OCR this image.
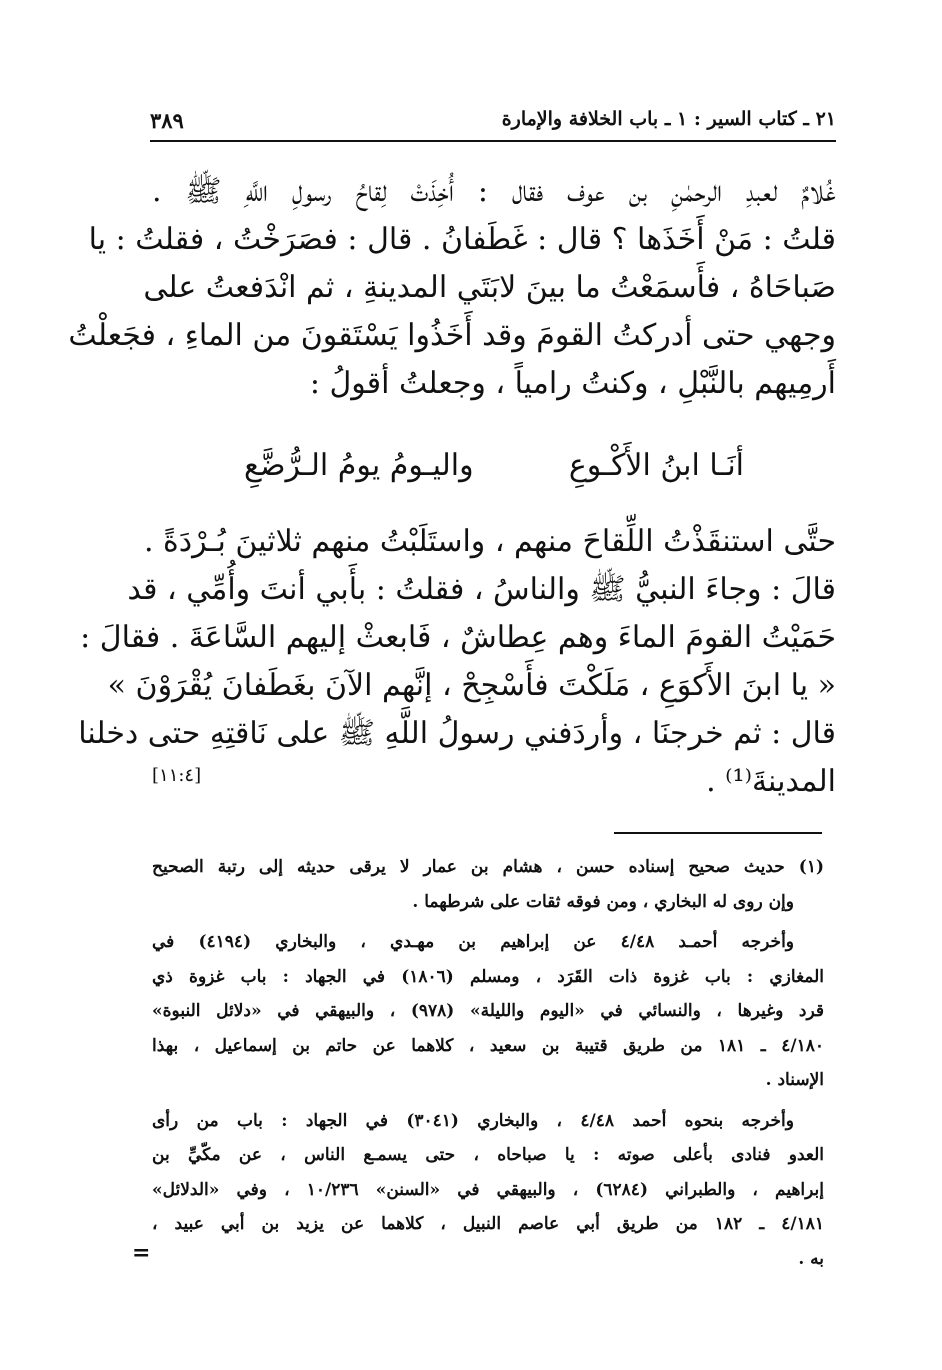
٢١ ـ كتاب السير : ١ ـ باب الخلافة والإمارة
٣٨٩
غُلامٌ لعبدِ الرحمٰنِ بن عوف فقال : أُخِذَتْ لِقاحُ رسولِ اللَّهِ ﷺ .
قلتُ : مَنْ أَخَذَها ؟ قال : غَطَفانُ . قال : فصَرَخْتُ ، فقلتُ : يا
صَباحَاهُ ، فأَسمَعْتُ ما بينَ لابَتَي المدينةِ ، ثم انْدَفعتُ على
وجهي حتى أدركتُ القومَ وقد أَخَذُوا يَسْتَقونَ من الماءِ ، فجَعلْتُ
أَرمِيهم بالنَّبْلِ ، وكنتُ رامياً ، وجعلتُ أقولُ :
أنَـا ابنُ الأَكْـوعِ
واليـومُ يومُ الـرُّضَّعِ
حتَّى استنقَذْتُ اللِّقاحَ منهم ، واستَلَبْتُ منهم ثلاثينَ بُـرْدَةً .
قالَ : وجاءَ النبيُّ ﷺ والناسُ ، فقلتُ : بأَبي أنتَ وأُمِّي ، قد
حَمَيْتُ القومَ الماءَ وهم عِطاشٌ ، فَابعثْ إليهم السَّاعَةَ . فقالَ :
« يا ابنَ الأَكوَعِ ، مَلَكْتَ فأَسْجِحْ ، إنَّهم الآنَ بغَطَفانَ يُقْرَوْنَ »
قال : ثم خرجنَا ، وأردَفني رسولُ اللَّهِ ﷺ على نَاقتِهِ حتى دخلنا
المدينةَ⁽¹⁾ .
[١١:٤]
(١) حديث صحيح إسناده حسن ، هشام بن عمار لا يرقى حديثه إلى رتبة الصحيح
وإن روى له البخاري ، ومن فوقه ثقات على شرطهما .
وأخرجه أحمـد ٤/٤٨ عن إبراهيم بن مهـدي ، والبخاري (٤١٩٤) في
المغازي : باب غزوة ذات القَرَد ، ومسلم (١٨٠٦) في الجهاد : باب غزوة ذي
قرد وغيرها ، والنسائي في «اليوم والليلة» (٩٧٨) ، والبيهقي في «دلائل النبوة»
٤/١٨٠ ـ ١٨١ من طريق قتيبة بن سعيد ، كلاهما عن حاتم بن إسماعيل ، بهذا
الإسناد .
وأخرجه بنحوه أحمد ٤/٤٨ ، والبخاري (٣٠٤١) في الجهاد : باب من رأى
العدو فنادى بأعلى صوته : يا صباحاه ، حتى يسمـع الناس ، عن مكّيِّ بن
إبراهيم ، والطبراني (٦٢٨٤) ، والبيهقي في «السنن» ١٠/٢٣٦ ، وفي «الدلائل»
٤/١٨١ ـ ١٨٢ من طريق أبي عاصم النبيل ، كلاهما عن يزيد بن أبي عبيد ،
به .
=
